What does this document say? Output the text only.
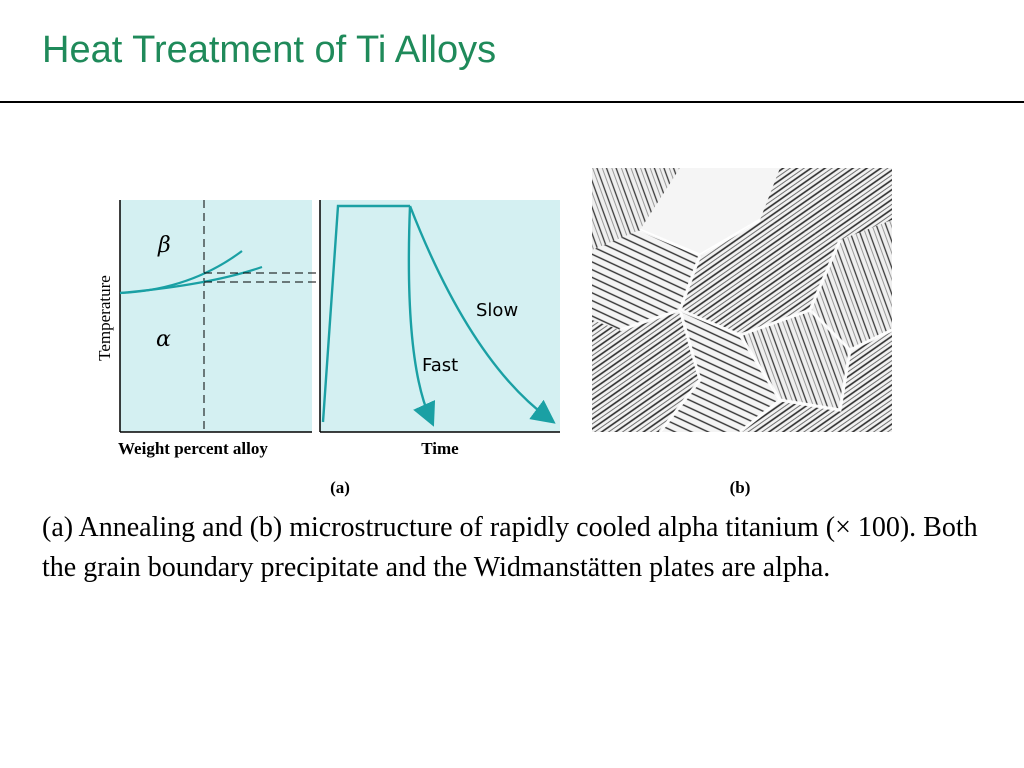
Heat Treatment of Ti Alloys
β
α
Temperature
Weight percent alloy
Slow
Fast
Time
(a)	(b)

(a) Annealing and (b) microstructure of rapidly cooled alpha titanium (× 100). Both the grain boundary precipitate and the Widmanstätten plates are alpha.
